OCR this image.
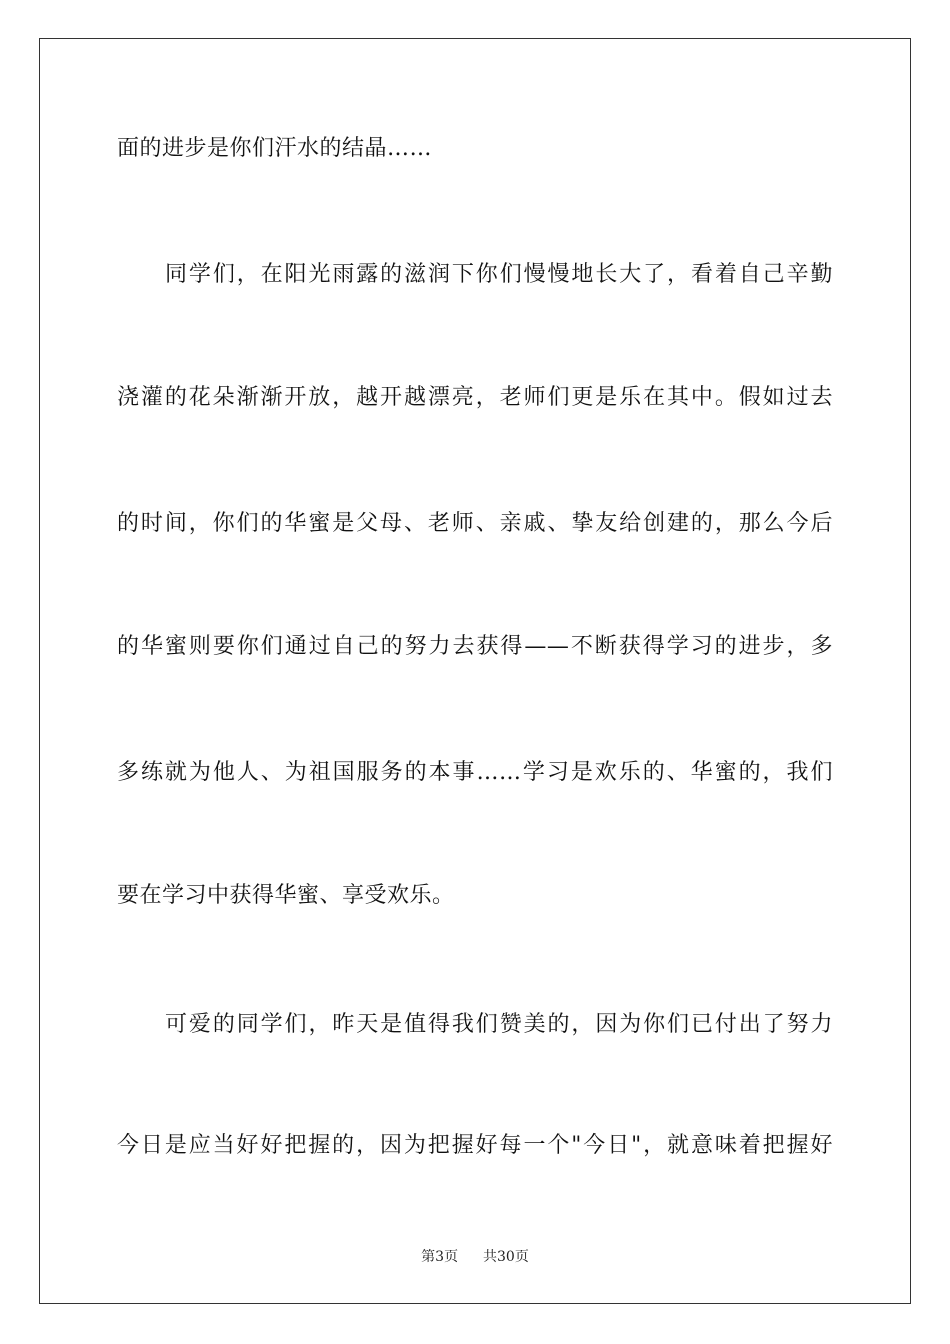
面的进步是你们汗水的结晶……
同学们，在阳光雨露的滋润下你们慢慢地长大了，看着自己辛勤
浇灌的花朵渐渐开放，越开越漂亮，老师们更是乐在其中。假如过去
的时间，你们的华蜜是父母、老师、亲戚、挚友给创建的，那么今后
的华蜜则要你们通过自己的努力去获得——不断获得学习的进步，多
多练就为他人、为祖国服务的本事……学习是欢乐的、华蜜的，我们
要在学习中获得华蜜、享受欢乐。
可爱的同学们，昨天是值得我们赞美的，因为你们已付出了努力
今日是应当好好把握的，因为把握好每一个"今日"，就意味着把握好
第3页 共30页
